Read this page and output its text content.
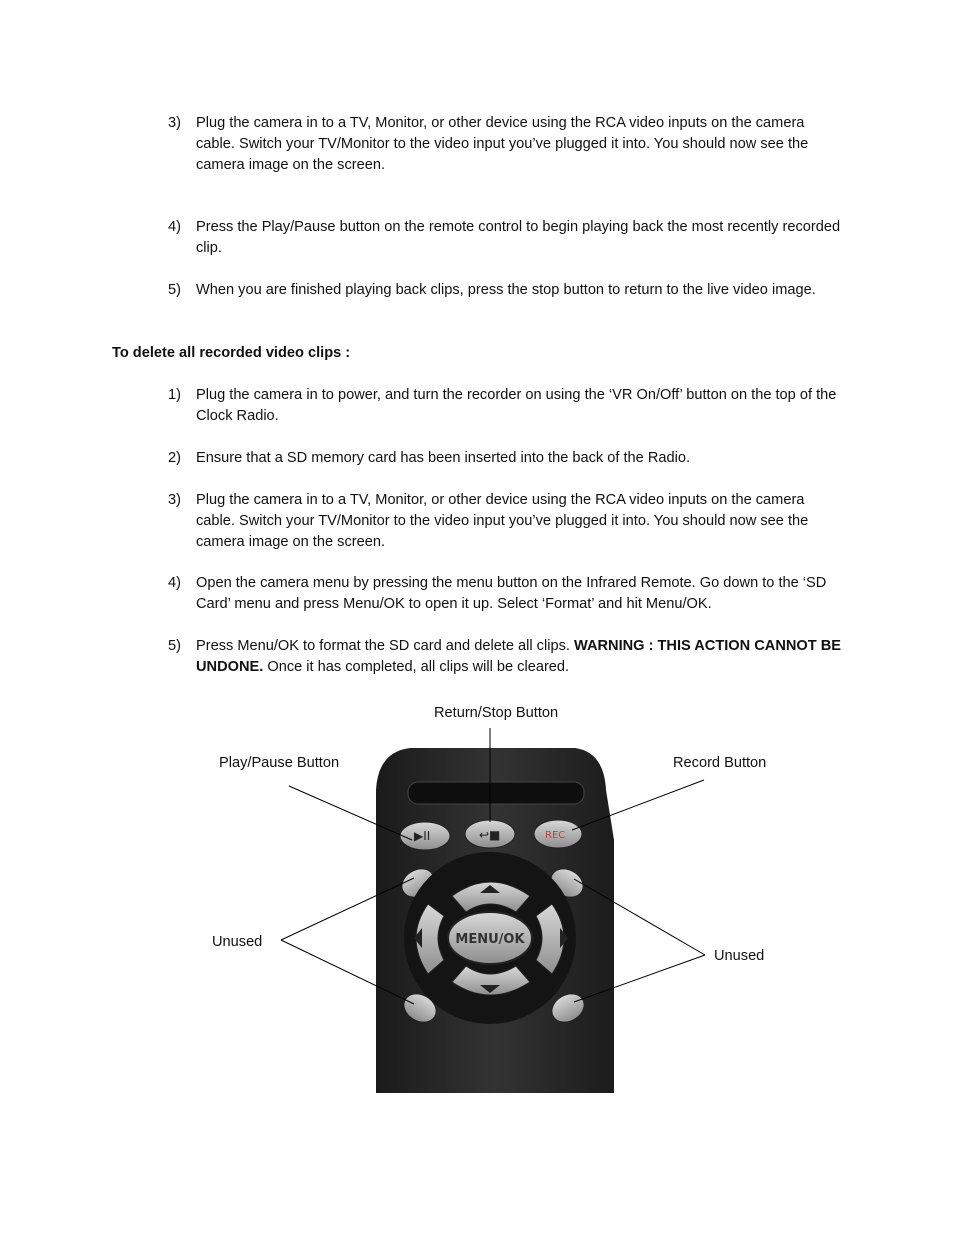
3) Plug the camera in to a TV, Monitor, or other device using the RCA video inputs on the camera cable. Switch your TV/Monitor to the video input you’ve plugged it into. You should now see the camera image on the screen.
4) Press the Play/Pause button on the remote control to begin playing back the most recently recorded clip.
5) When you are finished playing back clips, press the stop button to return to the live video image.
To delete all recorded video clips :
1) Plug the camera in to power, and turn the recorder on using the ‘VR On/Off’ button on the top of the Clock Radio.
2) Ensure that a SD memory card has been inserted into the back of the Radio.
3) Plug the camera in to a TV, Monitor, or other device using the RCA video inputs on the camera cable. Switch your TV/Monitor to the video input you’ve plugged it into. You should now see the camera image on the screen.
4) Open the camera menu by pressing the menu button on the Infrared Remote. Go down to the ‘SD Card’ menu and press Menu/OK to open it up. Select ‘Format’ and hit Menu/OK.
5) Press Menu/OK to format the SD card and delete all clips. WARNING : THIS ACTION CANNOT BE UNDONE. Once it has completed, all clips will be cleared.
▶II	↩■	REC
MENU/OK
Return/Stop Button
Play/Pause Button	Record Button
Unused
Unused
